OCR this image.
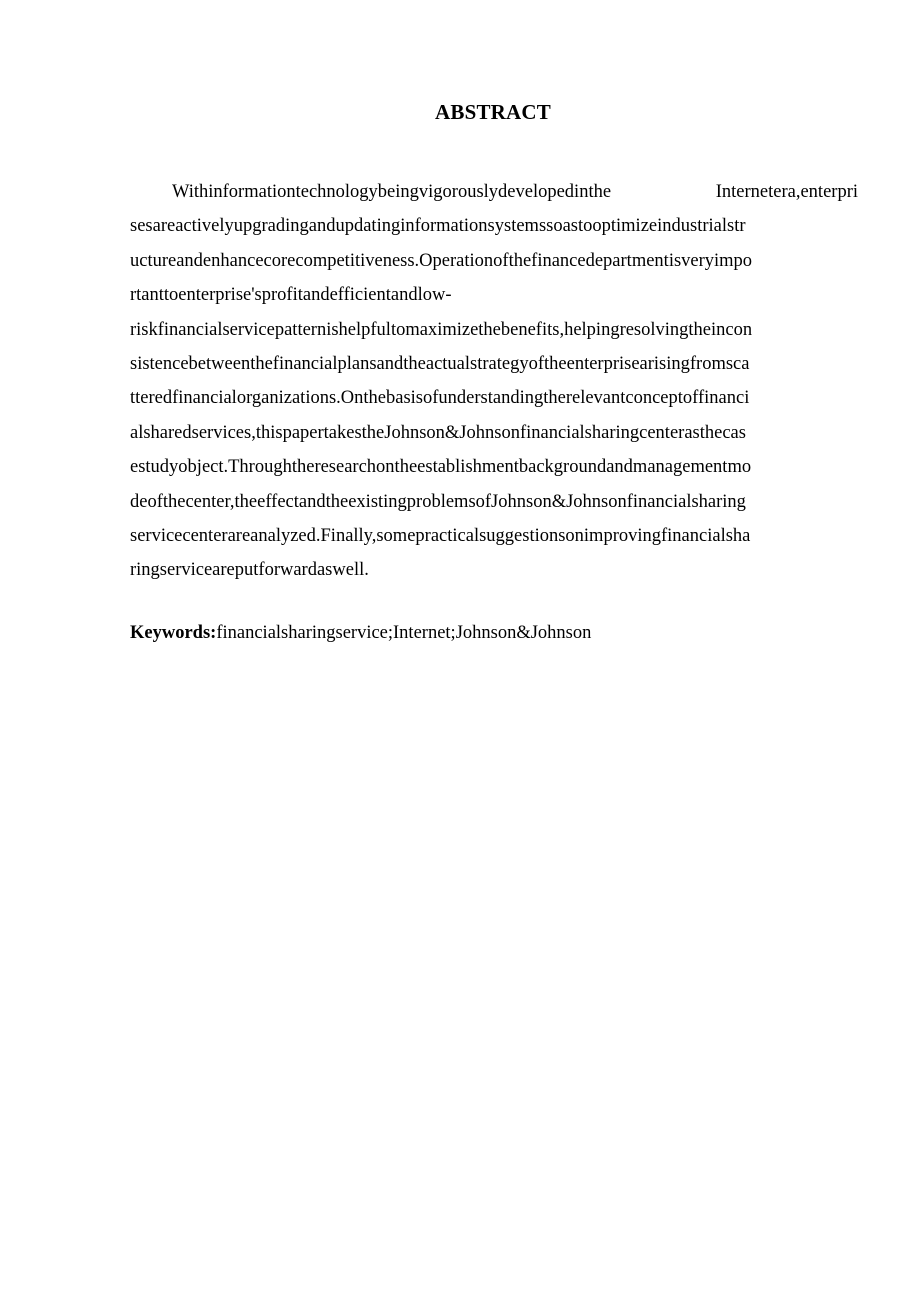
ABSTRACT
Withinformationtechnologybeingvigorouslydevelopedinthe Internetera,enterpri
sesareactivelyupgradingandupdatinginformationsystemssoastooptimizeindustrialstr
uctureandenhancecorecompetitiveness.Operationofthefinancedepartmentisveryimpo
rtanttoenterprise'sprofitandefficientandlow-
riskfinancialservicepatternishelpfultomaximizethebenefits,helpingresolvingtheincon
sistencebetweenthefinancialplansandtheactualstrategyoftheenterprisearisingfromsca
tteredfinancialorganizations.Onthebasisofunderstandingtherelevantconceptoffinanci
alsharedservices,thispapertakestheJohnson&Johnsonfinancialsharingcenterasthecas
estudyobject.Throughtheresearchontheestablishmentbackgroundandmanagementmo
deofthecenter,theeffectandtheexistingproblemsofJohnson&Johnsonfinancialsharing
servicecenterareanalyzed.Finally,somepracticalsuggestionsonimprovingfinancialsha
ringserviceareputforwardaswell.
Keywords:financialsharingservice;Internet;Johnson&Johnson
